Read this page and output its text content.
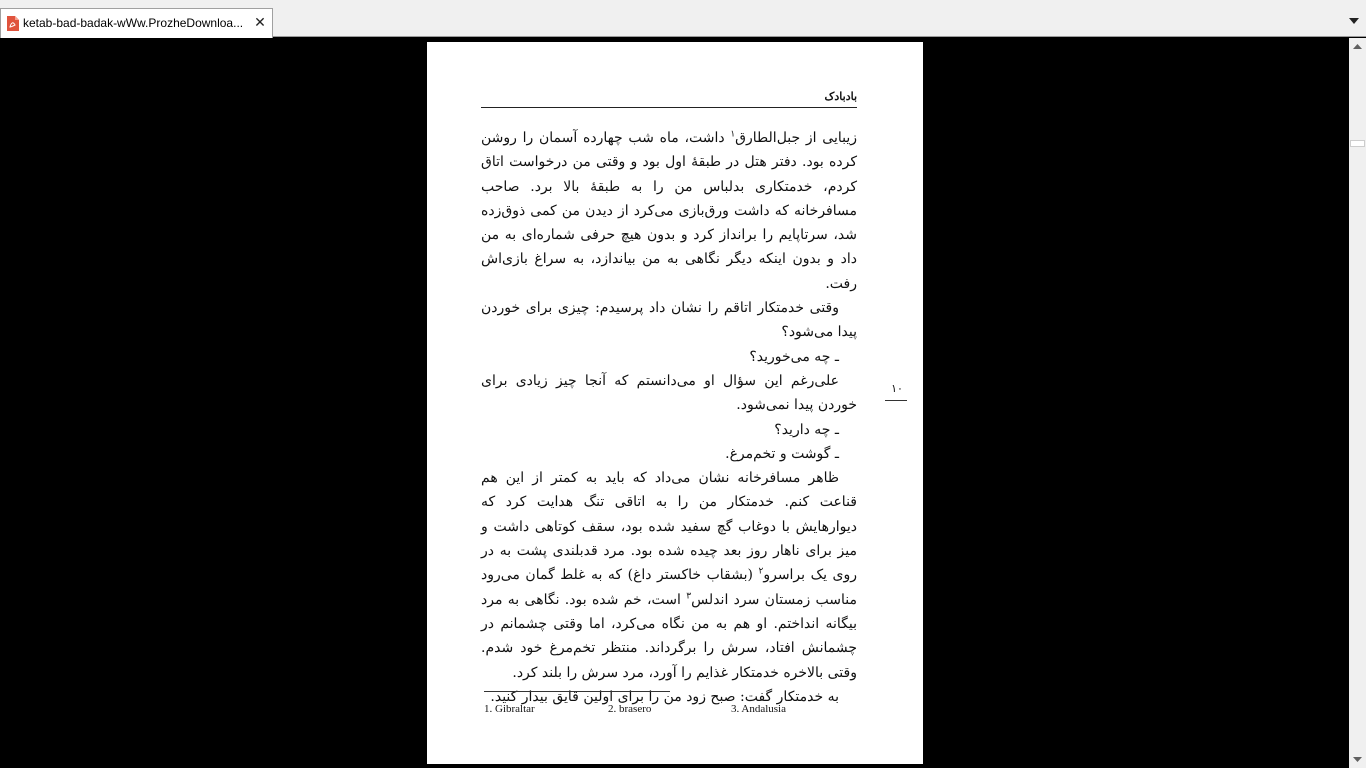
ketab-bad-badak-wWw.ProzheDownloa... ✕
بادبادک

زیبایی از جبل‌الطارق$^۱$ داشت، ماه شب چهارده آسمان را روشن کرده بود. دفتر هتل در طبقهٔ اول بود و وقتی من درخواست اتاق کردم، خدمتکاری بدلباس من را به طبقهٔ بالا برد. صاحب مسافرخانه که داشت ورق‌بازی می‌کرد از دیدن من کمی ذوق‌زده شد، سرتاپایم را برانداز کرد و بدون هیچ حرفی شماره‌ای به من داد و بدون اینکه دیگر نگاهی به من بیاندازد، به سراغ بازی‌اش رفت.

وقتی خدمتکار اتاقم را نشان داد پرسیدم: چیزی برای خوردن پیدا می‌شود؟

ـ چه می‌خورید؟

علی‌رغم این سؤال او می‌دانستم که آنجا چیز زیادی برای خوردن پیدا نمی‌شود.

ـ چه دارید؟

ـ گوشت و تخم‌مرغ.

ظاهر مسافرخانه نشان می‌داد که باید به کمتر از این هم قناعت کنم. خدمتکار من را به اتاقی تنگ هدایت کرد که دیوارهایش با دوغاب گچ سفید شده بود، سقف کوتاهی داشت و میز برای ناهار روز بعد چیده شده بود. مرد قدبلندی پشت به در روی یک براسرو$^۲$ (بشقاب خاکستر داغ) که به غلط گمان می‌رود مناسب زمستان سرد اندلس$^۳$ است، خم شده بود. نگاهی به مرد بیگانه انداختم. او هم به من نگاه می‌کرد، اما وقتی چشمانم در چشمانش افتاد، سرش را برگرداند. منتظر تخم‌مرغ خود شدم. وقتی بالاخره خدمتکار غذایم را آورد، مرد سرش را بلند کرد.

به خدمتکار گفت: صبح زود من را برای اولین قایق بیدار کنید.

۱۰
1. Gibraltar	2. brasero	3. Andalusia
